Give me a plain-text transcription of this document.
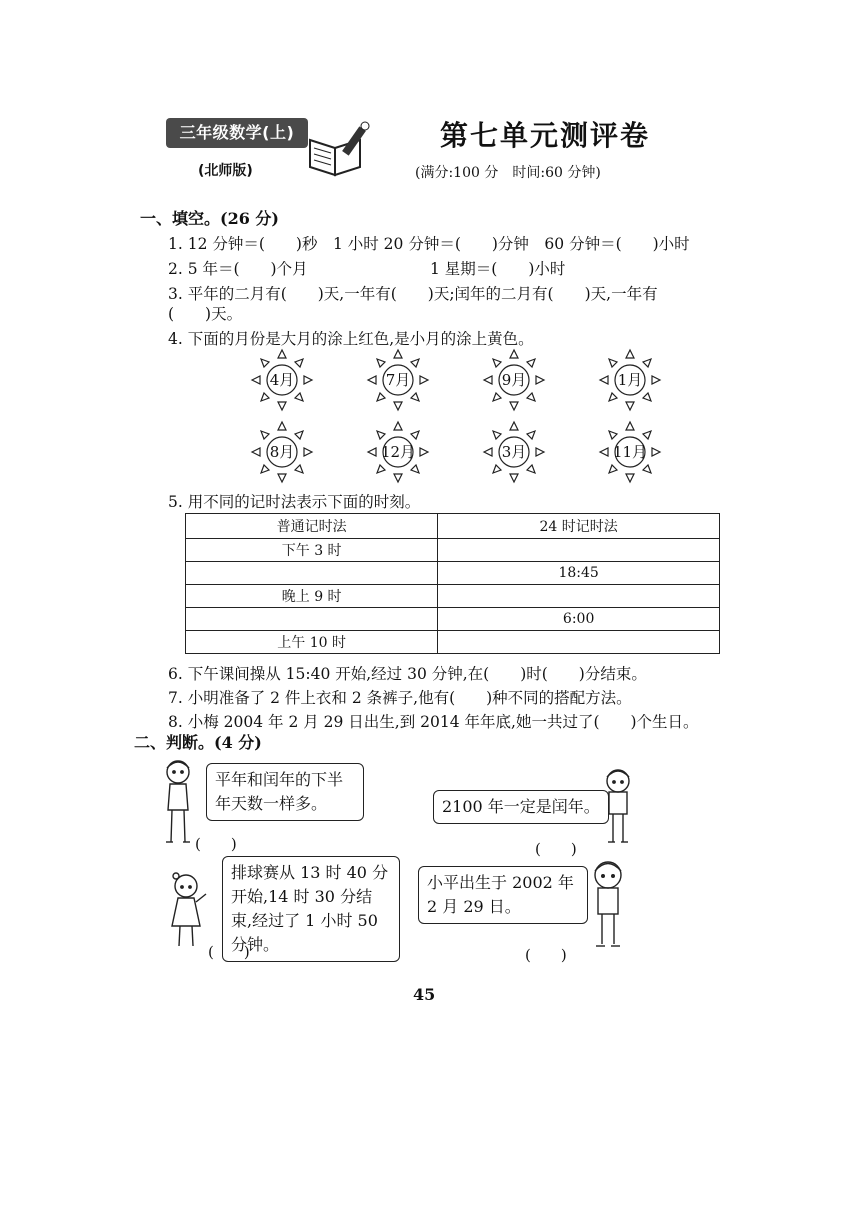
三年级数学(上)
(北师版)
第七单元测评卷
(满分:100 分　时间:60 分钟)
一、填空。(26 分)
1. 12 分钟＝(　　)秒　1 小时 20 分钟＝(　　)分钟　60 分钟＝(　　)小时
2. 5 年＝(　　)个月	1 星期＝(　　)小时
3. 平年的二月有(　　)天,一年有(　　)天;闰年的二月有(　　)天,一年有
(　　)天。
4. 下面的月份是大月的涂上红色,是小月的涂上黄色。
4月	7月	9月	1月
8月	12月	3月	11月
5. 用不同的记时法表示下面的时刻。
普通记时法	24 时记时法
下午 3 时	
	18:45
晚上 9 时	
	6:00
上午 10 时	
6. 下午课间操从 15:40 开始,经过 30 分钟,在(　　)时(　　)分结束。
7. 小明准备了 2 件上衣和 2 条裤子,他有(　　)种不同的搭配方法。
8. 小梅 2004 年 2 月 29 日出生,到 2014 年年底,她一共过了(　　)个生日。
二、判断。(4 分)
平年和闰年的下半年天数一样多。
(　　)
2100 年一定是闰年。
(　　)
排球赛从 13 时 40 分开始,14 时 30 分结束,经过了 1 小时 50 分钟。
(　　)
小平出生于 2002 年 2 月 29 日。
(　　)
45
